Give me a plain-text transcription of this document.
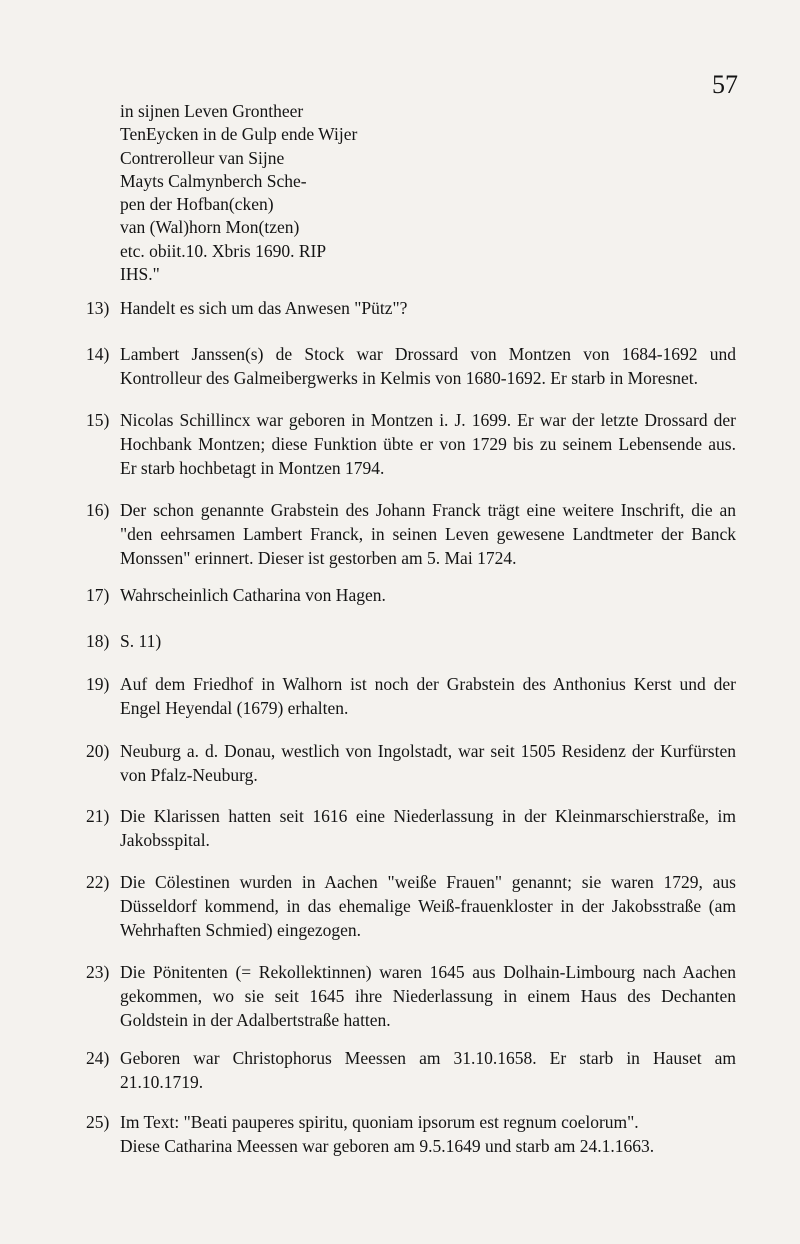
57
in sijnen Leven Grontheer
TenEycken in de Gulp ende Wijer
Contrerolleur van Sijne
Mayts Calmynberch Sche-
pen der Hofban(cken)
van (Wal)horn Mon(tzen)
etc. obiit.10. Xbris 1690. RIP
IHS."
13) Handelt es sich um das Anwesen "Pütz"?
14) Lambert Janssen(s) de Stock war Drossard von Montzen von 1684-1692 und
Kontrolleur des Galmeibergwerks in Kelmis von 1680-1692. Er starb in Moresnet.
15) Nicolas Schillincx war geboren in Montzen i. J. 1699. Er war der letzte Drossard der
Hochbank Montzen; diese Funktion übte er von 1729 bis zu seinem Lebensende aus.
Er starb hochbetagt in Montzen 1794.
16) Der schon genannte Grabstein des Johann Franck trägt eine weitere Inschrift, die an
"den eehrsamen Lambert Franck, in seinen Leven gewesene Landtmeter der Banck
Monssen" erinnert. Dieser ist gestorben am 5. Mai 1724.
17) Wahrscheinlich Catharina von Hagen.
18) S. 11)
19) Auf dem Friedhof in Walhorn ist noch der Grabstein des Anthonius Kerst und der
Engel Heyendal (1679) erhalten.
20) Neuburg a. d. Donau, westlich von Ingolstadt, war seit 1505 Residenz der Kurfürsten
von Pfalz-Neuburg.
21) Die Klarissen hatten seit 1616 eine Niederlassung in der Kleinmarschierstraße, im
Jakobsspital.
22) Die Cölestinen wurden in Aachen "weiße Frauen" genannt; sie waren 1729, aus
Düsseldorf kommend, in das ehemalige Weiß-frauenkloster in der Jakobsstraße (am
Wehrhaften Schmied) eingezogen.
23) Die Pönitenten (= Rekollektinnen) waren 1645 aus Dolhain-Limbourg nach Aachen
gekommen, wo sie seit 1645 ihre Niederlassung in einem Haus des Dechanten
Goldstein in der Adalbertstraße hatten.
24) Geboren war Christophorus Meessen am 31.10.1658. Er starb in Hauset am
21.10.1719.
25) Im Text: "Beati pauperes spiritu, quoniam ipsorum est regnum coelorum".
Diese Catharina Meessen war geboren am 9.5.1649 und starb am 24.1.1663.
